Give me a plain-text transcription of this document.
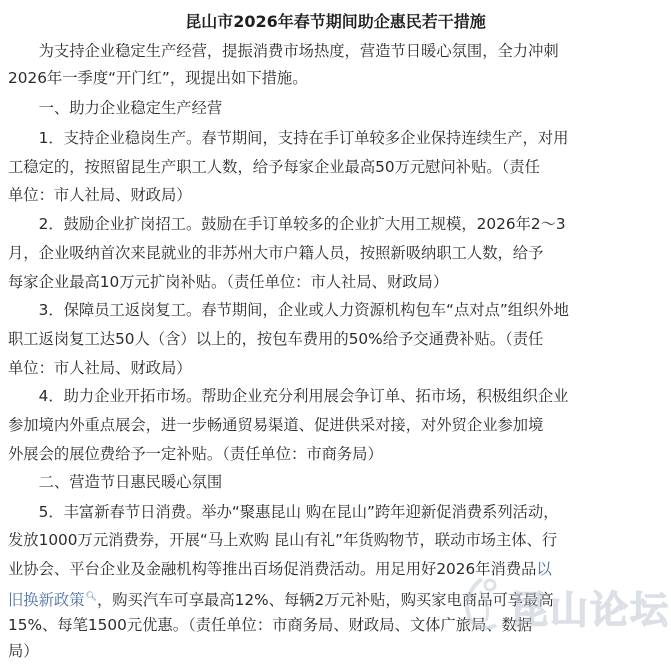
昆山市2026年春节期间助企惠民若干措施
　　为支持企业稳定生产经营，提振消费市场热度，营造节日暖心氛围，全力冲刺
2026年一季度“开门红”，现提出如下措施。
　　一、助力企业稳定生产经营
　　1．支持企业稳岗生产。春节期间，支持在手订单较多企业保持连续生产，对用
工稳定的，按照留昆生产职工人数，给予每家企业最高50万元慰问补贴。（责任
单位：市人社局、财政局）
　　2．鼓励企业扩岗招工。鼓励在手订单较多的企业扩大用工规模，2026年2～3
月，企业吸纳首次来昆就业的非苏州大市户籍人员，按照新吸纳职工人数，给予
每家企业最高10万元扩岗补贴。（责任单位：市人社局、财政局）
　　3．保障员工返岗复工。春节期间，企业或人力资源机构包车“点对点”组织外地
职工返岗复工达50人（含）以上的，按包车费用的50%给予交通费补贴。（责任
单位：市人社局、财政局）
　　4．助力企业开拓市场。帮助企业充分利用展会争订单、拓市场，积极组织企业
参加境内外重点展会，进一步畅通贸易渠道、促进供采对接，对外贸企业参加境
外展会的展位费给予一定补贴。（责任单位：市商务局）
　　二、营造节日惠民暖心氛围
　　5．丰富新春节日消费。举办“聚惠昆山 购在昆山”跨年迎新促消费系列活动，
发放1000万元消费券，开展“马上欢购 昆山有礼”年货购物节，联动市场主体、行
业协会、平台企业及金融机构等推出百场促消费活动。用足用好2026年消费品以
旧换新政策🔍︎，购买汽车可享最高12%、每辆2万元补贴，购买家电商品可享最高
15%、每笔1500元优惠。（责任单位：市商务局、财政局、文体广旅局、数据
局）
昆山论坛
